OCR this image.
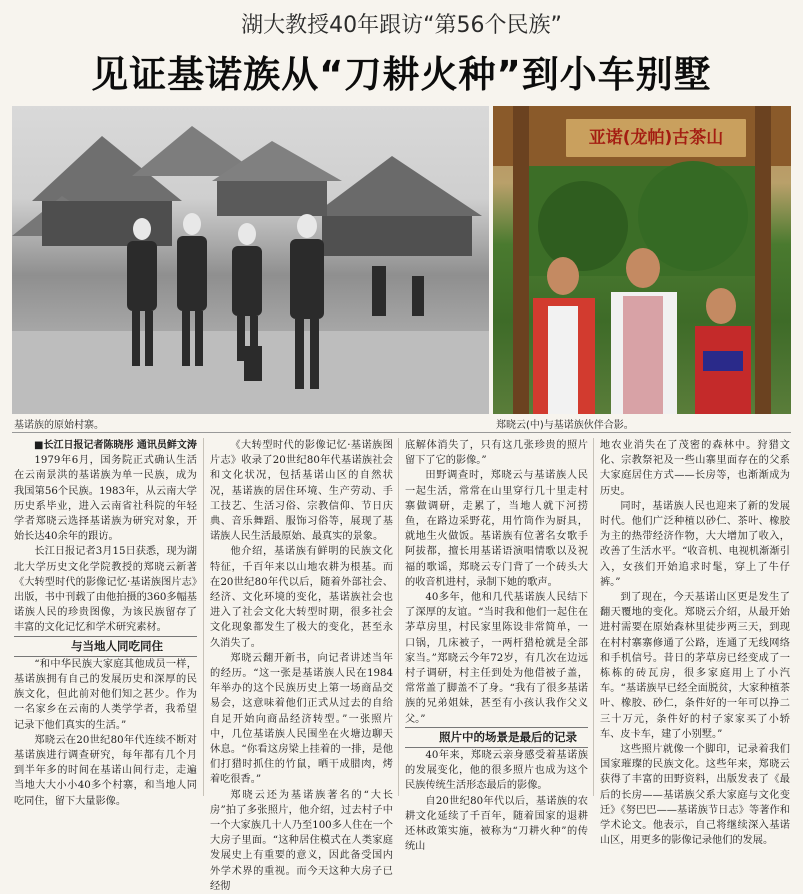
湖大教授40年跟访“第56个民族”
见证基诺族从“刀耕火种”到小车别墅
亚诺(龙帕)古茶山
基诺族的原始村寨。	郑晓云(中)与基诺族伙伴合影。

■长江日报记者陈晓彤 通讯员鲜文涛

1979年6月，国务院正式确认生活在云南景洪的基诺族为单一民族，成为我国第56个民族。1983年，从云南大学历史系毕业，进入云南省社科院的年轻学者郑晓云选择基诺族为研究对象，开始长达40余年的跟访。

长江日报记者3月15日获悉，现为湖北大学历史文化学院教授的郑晓云新著《大转型时代的影像记忆·基诺族图片志》出版，书中刊载了由他拍摄的360多幅基诺族人民的珍贵图像，为该民族留存了丰富的文化记忆和学术研究素材。

与当地人同吃同住

“和中华民族大家庭其他成员一样，基诺族拥有自己的发展历史和深厚的民族文化，但此前对他们知之甚少。作为一名家乡在云南的人类学学者，我希望记录下他们真实的生活。”

郑晓云在20世纪80年代连续不断对基诺族进行调查研究，每年都有几个月到半年多的时间在基诺山间行走，走遍当地大大小小40多个村寨，和当地人同吃同住，留下大量影像。

《大转型时代的影像记忆·基诺族图片志》收录了20世纪80年代基诺族社会和文化状况，包括基诺山区的自然状况，基诺族的居住环境、生产劳动、手工技艺、生活习俗、宗教信仰、节日庆典、音乐舞蹈、服饰习俗等，展现了基诺族人民生活最原始、最真实的景象。

他介绍，基诺族有鲜明的民族文化特征，千百年来以山地农耕为根基。而在20世纪80年代以后，随着外部社会、经济、文化环境的变化，基诺族社会也进入了社会文化大转型时期，很多社会文化现象都发生了极大的变化，甚至永久消失了。

郑晓云翻开新书，向记者讲述当年的经历。“这一张是基诺族人民在1984年举办的这个民族历史上第一场商品交易会，这意味着他们正式从过去的自给自足开始向商品经济转型。”一张照片中，几位基诺族人民围坐在火塘边聊天休息。“你看这房梁上挂着的一排，是他们打猎时抓住的竹鼠，晒干成腊肉，烤着吃很香。”

郑晓云还为基诺族著名的“大长房”拍了多张照片，他介绍，过去村子中一个大家族几十人乃至100多人住在一个大房子里面。“这种居住模式在人类家庭发展史上有重要的意义，因此备受国内外学术界的重视。而今天这种大房子已经彻

底解体消失了，只有这几张珍贵的照片留下了它的影像。”

田野调查时，郑晓云与基诺族人民一起生活，常常在山里穿行几十里走村寨做调研，走累了，当地人就下河捞鱼，在路边采野花，用竹筒作为厨具，就地生火做饭。基诺族有位著名女歌手阿拔都，擅长用基诺语演唱情歌以及祝福的歌谣，郑晓云专门背了一个砖头大的收音机进村，录制下她的歌声。

40多年，他和几代基诺族人民结下了深厚的友谊。“当时我和他们一起住在茅草房里，村民家里陈设非常简单，一口锅，几床被子，一两杆猎枪就是全部家当。”郑晓云今年72岁，有几次在边远村子调研，村主任到处为他借被子盖，常常盖了脚盖不了身。“我有了很多基诺族的兄弟姐妹，甚至有小孩认我作父义父。”

照片中的场景是最后的记录

40年来，郑晓云亲身感受着基诺族的发展变化，他的很多照片也成为这个民族传统生活形态最后的影像。

自20世纪80年代以后，基诺族的农耕文化延续了千百年，随着国家的退耕还林政策实施，被称为“刀耕火种”的传统山

地农业消失在了茂密的森林中。狩猎文化、宗教祭祀及一些山寨里面存在的父系大家庭居住方式——长房等，也渐渐成为历史。

同时，基诺族人民也迎来了新的发展时代。他们广泛种植以砂仁、茶叶、橡胶为主的热带经济作物，大大增加了收入，改善了生活水平。“收音机、电视机渐渐引入，女孩们开始追求时髦，穿上了牛仔裤。”

到了现在，今天基诺山区更是发生了翻天覆地的变化。郑晓云介绍，从最开始进村需要在原始森林里徒步两三天，到现在村村寨寨修通了公路，连通了无线网络和手机信号。昔日的茅草房已经变成了一栋栋的砖瓦房，很多家庭用上了小汽车。“基诺族早已经全面脱贫，大家种植茶叶、橡胶、砂仁，条件好的一年可以挣二三十万元，条件好的村子家家买了小轿车、皮卡车，建了小别墅。”

这些照片就像一个脚印，记录着我们国家璀璨的民族文化。这些年来，郑晓云获得了丰富的田野资料，出版发表了《最后的长房——基诺族父系大家庭与文化变迁》《努巴巴——基诺族节日志》等著作和学术论文。他表示，自己将继续深入基诺山区，用更多的影像记录他们的发展。
